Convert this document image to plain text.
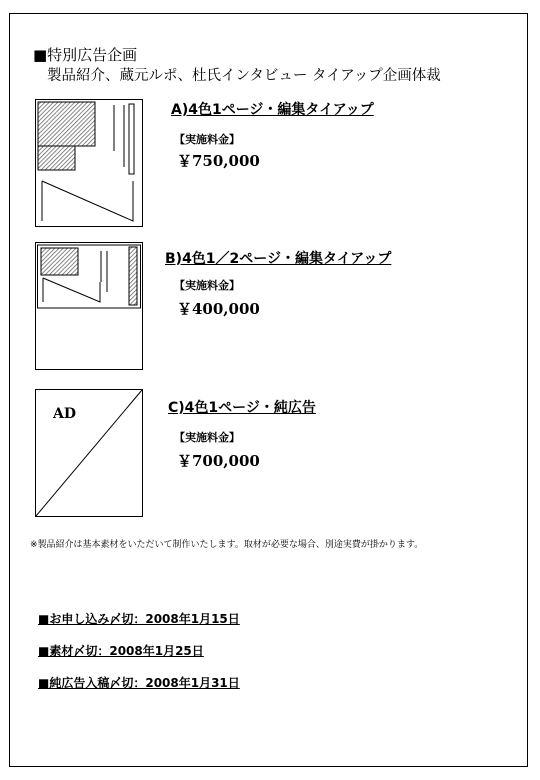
■特別広告企画
製品紹介、蔵元ルポ、杜氏インタビュー タイアップ企画体裁
A)4色1ページ・編集タイアップ
【実施料金】
￥750,000
B)4色1／2ページ・編集タイアップ
【実施料金】
￥400,000
AD	C)4色1ページ・純広告
【実施料金】
￥700,000
※製品紹介は基本素材をいただいて制作いたします。取材が必要な場合、別途実費が掛かります。
■お申し込み〆切：2008年1月15日
■素材〆切：2008年1月25日
■純広告入稿〆切：2008年1月31日
